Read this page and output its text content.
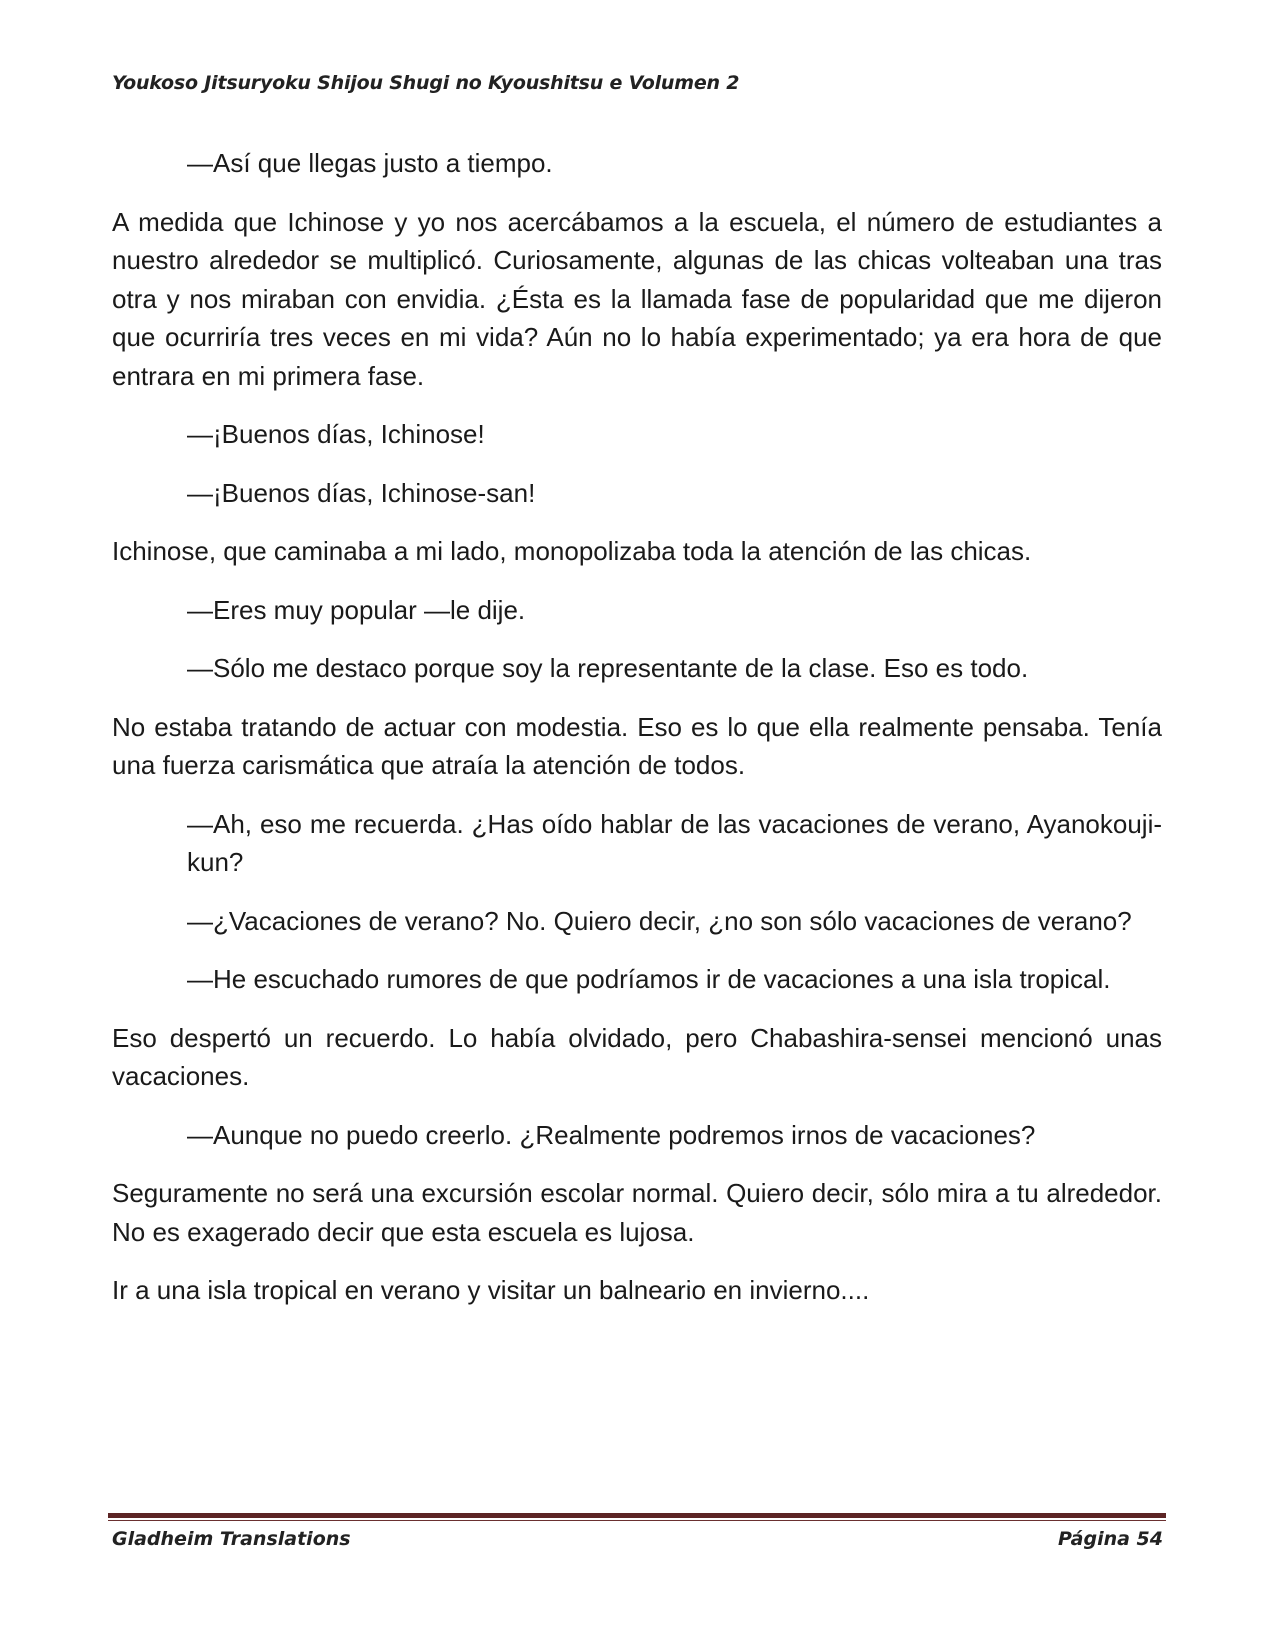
Youkoso Jitsuryoku Shijou Shugi no Kyoushitsu e Volumen 2

—Así que llegas justo a tiempo.

A medida que Ichinose y yo nos acercábamos a la escuela, el número de estudiantes a nuestro alrededor se multiplicó. Curiosamente, algunas de las chicas volteaban una tras otra y nos miraban con envidia. ¿Ésta es la llamada fase de popularidad que me dijeron que ocurriría tres veces en mi vida? Aún no lo había experimentado; ya era hora de que entrara en mi primera fase.

—¡Buenos días, Ichinose!

—¡Buenos días, Ichinose-san!

Ichinose, que caminaba a mi lado, monopolizaba toda la atención de las chicas.

—Eres muy popular —le dije.

—Sólo me destaco porque soy la representante de la clase. Eso es todo.

No estaba tratando de actuar con modestia. Eso es lo que ella realmente pensaba. Tenía una fuerza carismática que atraía la atención de todos.

—Ah, eso me recuerda. ¿Has oído hablar de las vacaciones de verano, Ayanokouji-kun?

—¿Vacaciones de verano? No. Quiero decir, ¿no son sólo vacaciones de verano?

—He escuchado rumores de que podríamos ir de vacaciones a una isla tropical.

Eso despertó un recuerdo. Lo había olvidado, pero Chabashira-sensei mencionó unas vacaciones.

—Aunque no puedo creerlo. ¿Realmente podremos irnos de vacaciones?

Seguramente no será una excursión escolar normal. Quiero decir, sólo mira a tu alrededor. No es exagerado decir que esta escuela es lujosa.

Ir a una isla tropical en verano y visitar un balneario en invierno....

Gladheim Translations	Página 54
